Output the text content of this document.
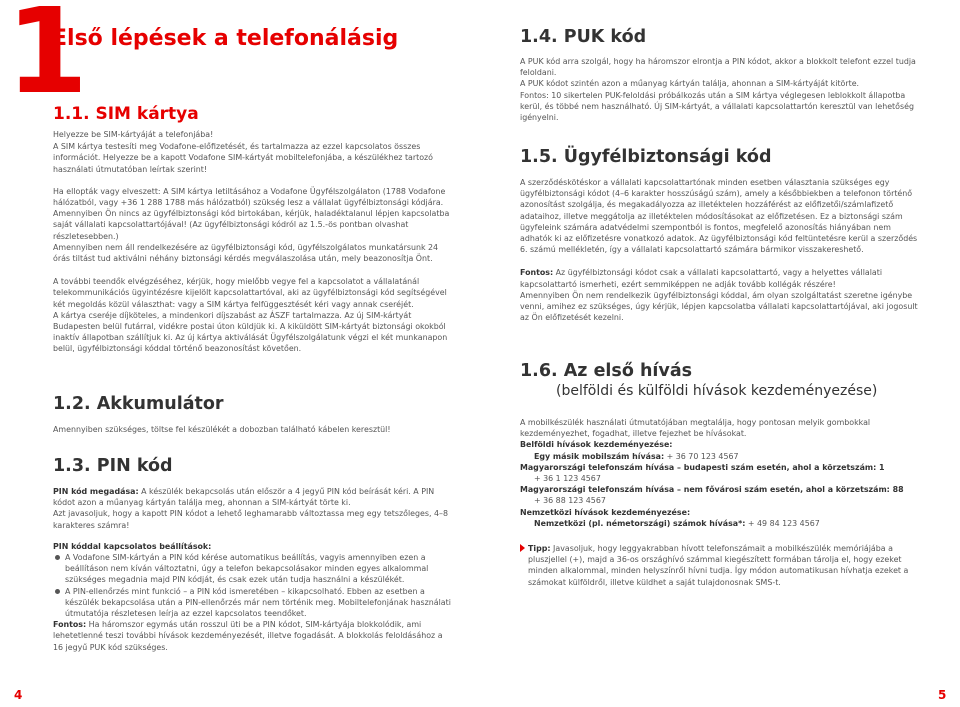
1
Első lépések a telefonálásig
1.1. SIM kártya

Helyezze be SIM-kártyáját a telefonjába!

A SIM kártya testesíti meg Vodafone-előfizetését, és tartalmazza az ezzel kapcsolatos összes információt. Helyezze be a kapott Vodafone SIM-kártyát mobiltelefonjába, a készülékhez tartozó használati útmutatóban leírtak szerint!

Ha ellopták vagy elveszett: A SIM kártya letiltásához a Vodafone Ügyfélszolgálaton (1788 Vodafone hálózatból, vagy +36 1 288 1788 más hálózatból) szükség lesz a vállalat ügyfélbiztonsági kódjára.

Amennyiben Ön nincs az ügyfélbiztonsági kód birtokában, kérjük, haladéktalanul lépjen kapcsolatba saját vállalati kapcsolattartójával! (Az ügyfélbiztonsági kódról az 1.5.-ös pontban olvashat részletesebben.)

Amennyiben nem áll rendelkezésére az ügyfélbiztonsági kód, ügyfélszolgálatos munkatársunk 24 órás tiltást tud aktiválni néhány biztonsági kérdés megválaszolása után, mely beazonosítja Önt.

A további teendők elvégzéséhez, kérjük, hogy mielőbb vegye fel a kapcsolatot a vállalatánál telekommunikációs ügyintézésre kijelölt kapcsolattartóval, aki az ügyfélbiztonsági kód segítségével két megoldás közül választhat: vagy a SIM kártya felfüggesztését kéri vagy annak cseréjét.

A kártya cseréje díjköteles, a mindenkori díjszabást az ÁSZF tartalmazza. Az új SIM-kártyát Budapesten belül futárral, vidékre postai úton küldjük ki. A kiküldött SIM-kártyát biztonsági okokból inaktív állapotban szállítjuk ki. Az új kártya aktiválását Ügyfélszolgálatunk végzi el két munkanapon belül, ügyfélbiztonsági kóddal történő beazonosítást követően.

1.2. Akkumulátor

Amennyiben szükséges, töltse fel készülékét a dobozban található kábelen keresztül!

1.3. PIN kód

PIN kód megadása: A készülék bekapcsolás után először a 4 jegyű PIN kód beírását kéri. A PIN kódot azon a műanyag kártyán találja meg, ahonnan a SIM-kártyát törte ki.

Azt javasoljuk, hogy a kapott PIN kódot a lehető leghamarabb változtassa meg egy tetszőleges, 4–8 karakteres számra!

PIN kóddal kapcsolatos beállítások:

A Vodafone SIM-kártyán a PIN kód kérése automatikus beállítás, vagyis amennyiben ezen a beállításon nem kíván változtatni, úgy a telefon bekapcsolásakor minden egyes alkalommal szükséges megadnia majd PIN kódját, és csak ezek után tudja használni a készülékét.

A PIN-ellenőrzés mint funkció – a PIN kód ismeretében – kikapcsolható. Ebben az esetben a készülék bekapcsolása után a PIN-ellenőrzés már nem történik meg. Mobiltelefonjának használati útmutatója részletesen leírja az ezzel kapcsolatos teendőket.

Fontos: Ha háromszor egymás után rosszul üti be a PIN kódot, SIM-kártyája blokkolódik, ami lehetetlenné teszi további hívások kezdeményezését, illetve fogadását. A blokkolás feloldásához a 16 jegyű PUK kód szükséges.

4
1.4. PUK kód

A PUK kód arra szolgál, hogy ha háromszor elrontja a PIN kódot, akkor a blokkolt telefont ezzel tudja feloldani.

A PUK kódot szintén azon a műanyag kártyán találja, ahonnan a SIM-kártyáját kitörte.

Fontos: 10 sikertelen PUK-feloldási próbálkozás után a SIM kártya véglegesen leblokkolt állapotba kerül, és többé nem használható. Új SIM-kártyát, a vállalati kapcsolattartón keresztül van lehetőség igényelni.

1.5. Ügyfélbiztonsági kód

A szerződéskötéskor a vállalati kapcsolattartónak minden esetben választania szükséges egy ügyfélbiztonsági kódot (4–6 karakter hosszúságú szám), amely a későbbiekben a telefonon történő azonosítást szolgálja, és megakadályozza az illetéktelen hozzáférést az előfizetői/számlafizető adataihoz, illetve meggátolja az illetéktelen módosításokat az előfizetésen. Ez a biztonsági szám ügyfeleink számára adatvédelmi szempontból is fontos, megfelelő azonosítás hiányában nem adhatók ki az előfizetésre vonatkozó adatok. Az ügyfélbiztonsági kód feltüntetésre kerül a szerződés 6. számú mellékletén, így a vállalati kapcsolattartó számára bármikor visszakereshető.

Fontos: Az ügyfélbiztonsági kódot csak a vállalati kapcsolattartó, vagy a helyettes vállalati kapcsolattartó ismerheti, ezért semmiképpen ne adják tovább kollégák részére!

Amennyiben Ön nem rendelkezik ügyfélbiztonsági kóddal, ám olyan szolgáltatást szeretne igénybe venni, amihez ez szükséges, úgy kérjük, lépjen kapcsolatba vállalati kapcsolattartójával, aki jogosult az Ön előfizetését kezelni.

1.6. Az első hívás
(belföldi és külföldi hívások kezdeményezése)

A mobilkészülék használati útmutatójában megtalálja, hogy pontosan melyik gombokkal kezdeményezhet, fogadhat, illetve fejezhet be hívásokat.

Belföldi hívások kezdeményezése:

Egy másik mobilszám hívása: + 36 70 123 4567

Magyarországi telefonszám hívása – budapesti szám esetén, ahol a körzetszám: 1

+ 36 1 123 4567

Magyarországi telefonszám hívása – nem fővárosi szám esetén, ahol a körzetszám: 88

+ 36 88 123 4567

Nemzetközi hívások kezdeményezése:

Nemzetközi (pl. németországi) számok hívása*: + 49 84 123 4567

Tipp: Javasoljuk, hogy leggyakrabban hívott telefonszámait a mobilkészülék memóriájába a pluszjellel (+), majd a 36-os országhívó számmal kiegészített formában tárolja el, hogy ezeket minden alkalommal, minden helyszínről hívni tudja. Így módon automatikusan hívhatja ezeket a számokat külföldről, illetve küldhet a saját tulajdonosnak SMS-t.

5
